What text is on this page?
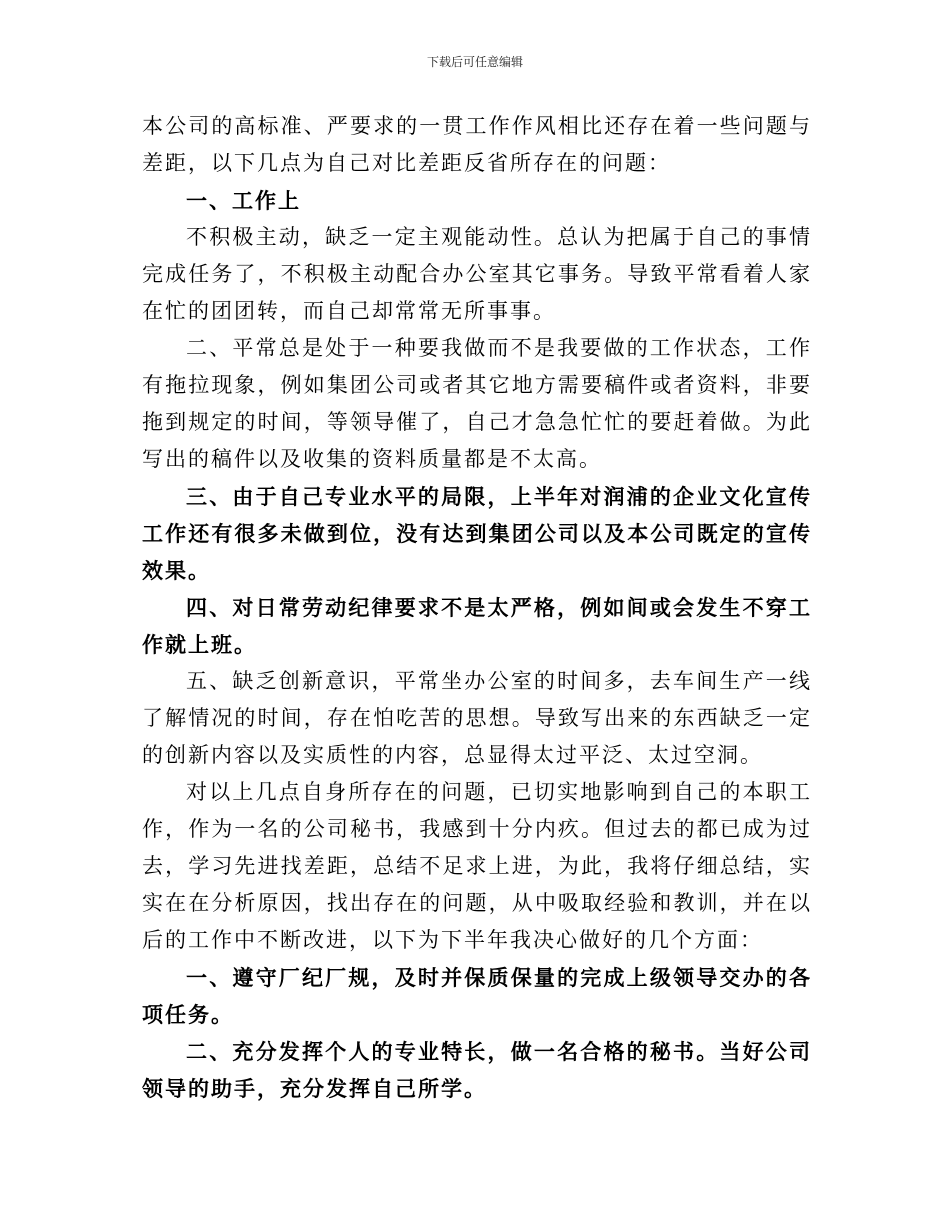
下载后可任意编辑

本公司的高标准、严要求的一贯工作作风相比还存在着一些问题与差距，以下几点为自己对比差距反省所存在的问题：

一、工作上

不积极主动，缺乏一定主观能动性。总认为把属于自己的事情完成任务了，不积极主动配合办公室其它事务。导致平常看着人家在忙的团团转，而自己却常常无所事事。

二、平常总是处于一种要我做而不是我要做的工作状态，工作有拖拉现象，例如集团公司或者其它地方需要稿件或者资料，非要拖到规定的时间，等领导催了，自己才急急忙忙的要赶着做。为此写出的稿件以及收集的资料质量都是不太高。

三、由于自己专业水平的局限，上半年对润浦的企业文化宣传工作还有很多未做到位，没有达到集团公司以及本公司既定的宣传效果。

四、对日常劳动纪律要求不是太严格，例如间或会发生不穿工作就上班。

五、缺乏创新意识，平常坐办公室的时间多，去车间生产一线了解情况的时间，存在怕吃苦的思想。导致写出来的东西缺乏一定的创新内容以及实质性的内容，总显得太过平泛、太过空洞。

对以上几点自身所存在的问题，已切实地影响到自己的本职工作，作为一名的公司秘书，我感到十分内疚。但过去的都已成为过去，学习先进找差距，总结不足求上进，为此，我将仔细总结，实实在在分析原因，找出存在的问题，从中吸取经验和教训，并在以后的工作中不断改进，以下为下半年我决心做好的几个方面：

一、遵守厂纪厂规，及时并保质保量的完成上级领导交办的各项任务。

二、充分发挥个人的专业特长，做一名合格的秘书。当好公司领导的助手，充分发挥自己所学。
